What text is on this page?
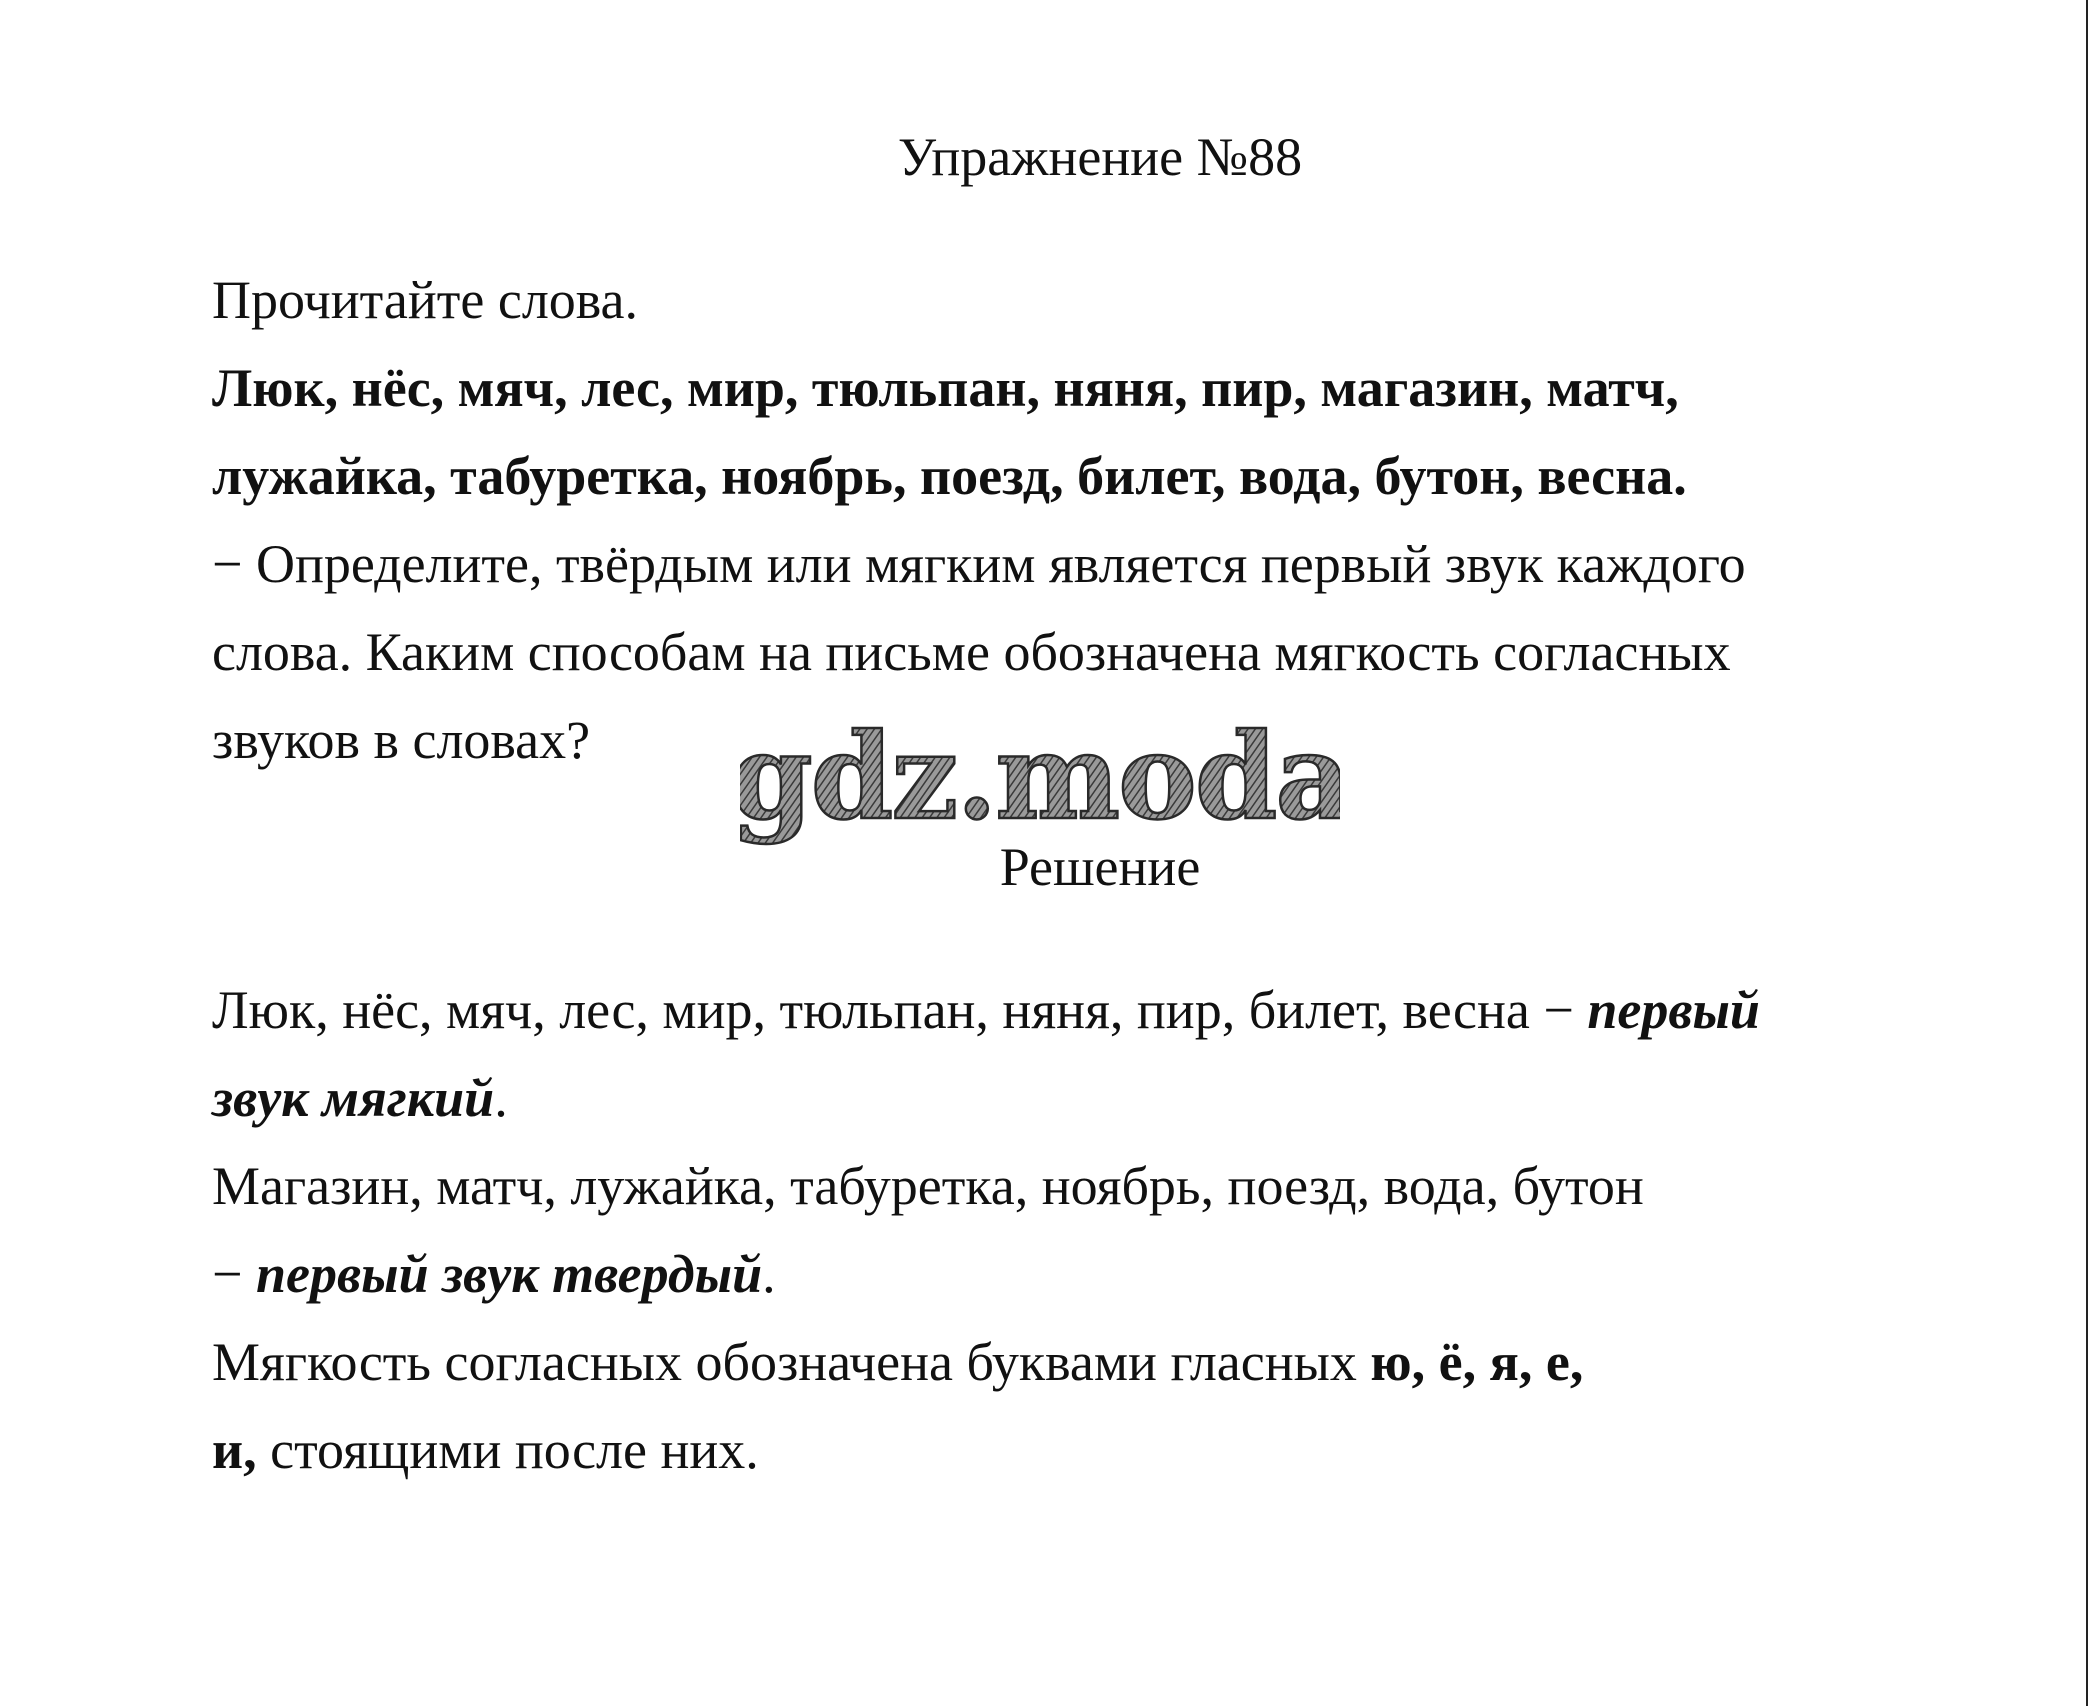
Упражнение №88
Прочитайте слова.
Люк, нёс, мяч, лес, мир, тюльпан, няня, пир, магазин, матч,
лужайка, табуретка, ноябрь, поезд, билет, вода, бутон, весна.
− Определите, твёрдым или мягким является первый звук каждого
слова. Каким способам на письме обозначена мягкость согласных
звуков в словах?	gdz.moda
Решение
Люк, нёс, мяч, лес, мир, тюльпан, няня, пир, билет, весна − первый
звук мягкий.
Магазин, матч, лужайка, табуретка, ноябрь, поезд, вода, бутон
− первый звук твердый.
Мягкость согласных обозначена буквами гласных ю, ё, я, е,
и, стоящими после них.
